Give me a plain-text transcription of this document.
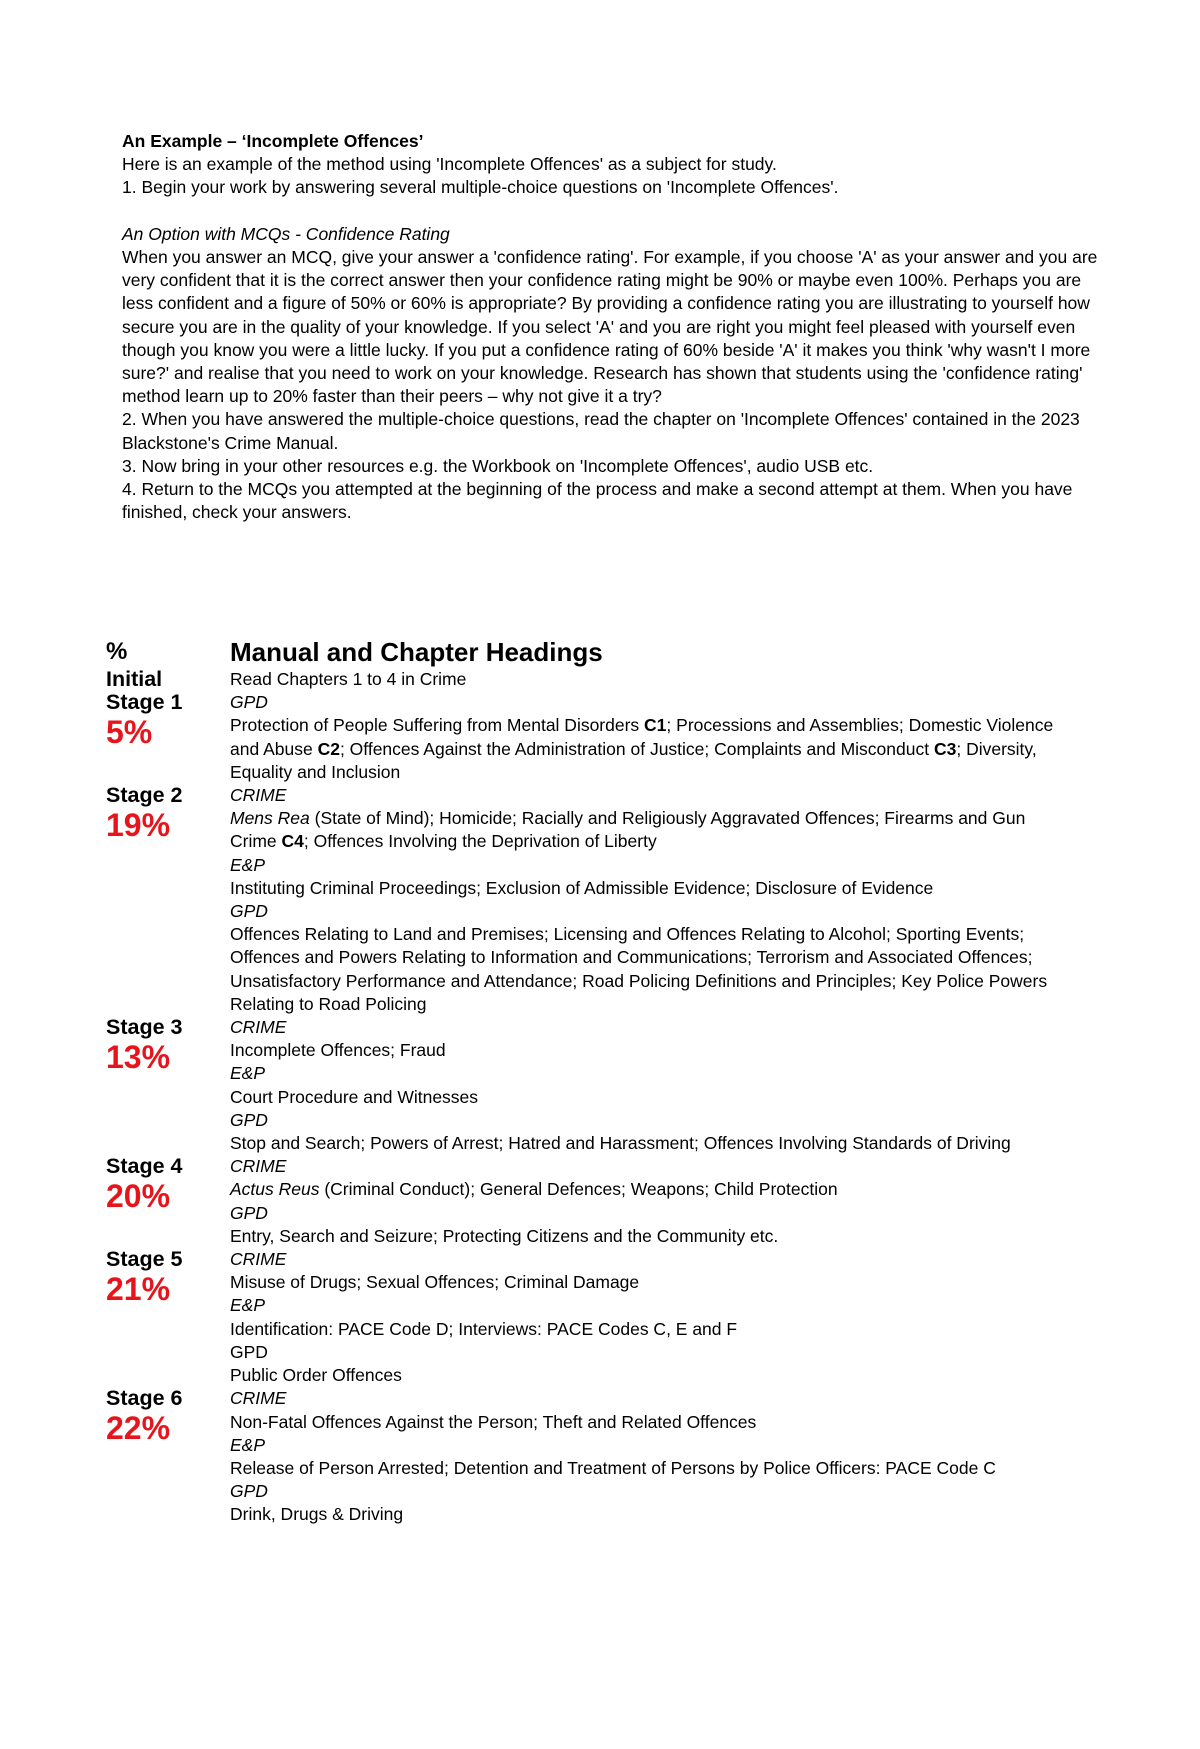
An Example – ‘Incomplete Offences’

Here is an example of the method using 'Incomplete Offences' as a subject for study.

1. Begin your work by answering several multiple-choice questions on 'Incomplete Offences'.

An Option with MCQs - Confidence Rating

When you answer an MCQ, give your answer a 'confidence rating'. For example, if you choose 'A' as your answer and you are very confident that it is the correct answer then your confidence rating might be 90% or maybe even 100%. Perhaps you are less confident and a figure of 50% or 60% is appropriate? By providing a confidence rating you are illustrating to yourself how secure you are in the quality of your knowledge. If you select 'A' and you are right you might feel pleased with yourself even though you know you were a little lucky. If you put a confidence rating of 60% beside 'A' it makes you think 'why wasn't I more sure?' and realise that you need to work on your knowledge. Research has shown that students using the 'confidence rating' method learn up to 20% faster than their peers – why not give it a try?

2. When you have answered the multiple-choice questions, read the chapter on 'Incomplete Offences' contained in the 2023 Blackstone's Crime Manual.

3. Now bring in your other resources e.g. the Workbook on 'Incomplete Offences', audio USB etc.

4. Return to the MCQs you attempted at the beginning of the process and make a second attempt at them. When you have finished, check your answers.

%	Manual and Chapter Headings
Initial	Read Chapters 1 to 4 in Crime
Stage 1
5%
GPD
Protection of People Suffering from Mental Disorders C1; Processions and Assemblies; Domestic Violence and Abuse C2; Offences Against the Administration of Justice; Complaints and Misconduct C3; Diversity, Equality and Inclusion
Stage 2
19%
CRIME
Mens Rea (State of Mind); Homicide; Racially and Religiously Aggravated Offences; Firearms and Gun Crime C4; Offences Involving the Deprivation of Liberty
E&P
Instituting Criminal Proceedings; Exclusion of Admissible Evidence; Disclosure of Evidence
GPD
Offences Relating to Land and Premises; Licensing and Offences Relating to Alcohol; Sporting Events; Offences and Powers Relating to Information and Communications; Terrorism and Associated Offences; Unsatisfactory Performance and Attendance; Road Policing Definitions and Principles; Key Police Powers Relating to Road Policing
Stage 3
13%
CRIME
Incomplete Offences; Fraud
E&P
Court Procedure and Witnesses
GPD
Stop and Search; Powers of Arrest; Hatred and Harassment; Offences Involving Standards of Driving
Stage 4
20%
CRIME
Actus Reus (Criminal Conduct); General Defences; Weapons; Child Protection
GPD
Entry, Search and Seizure; Protecting Citizens and the Community etc.
Stage 5
21%
CRIME
Misuse of Drugs; Sexual Offences; Criminal Damage
E&P
Identification: PACE Code D; Interviews: PACE Codes C, E and F
GPD
Public Order Offences
Stage 6
22%
CRIME
Non-Fatal Offences Against the Person; Theft and Related Offences
E&P
Release of Person Arrested; Detention and Treatment of Persons by Police Officers: PACE Code C
GPD
Drink, Drugs & Driving
